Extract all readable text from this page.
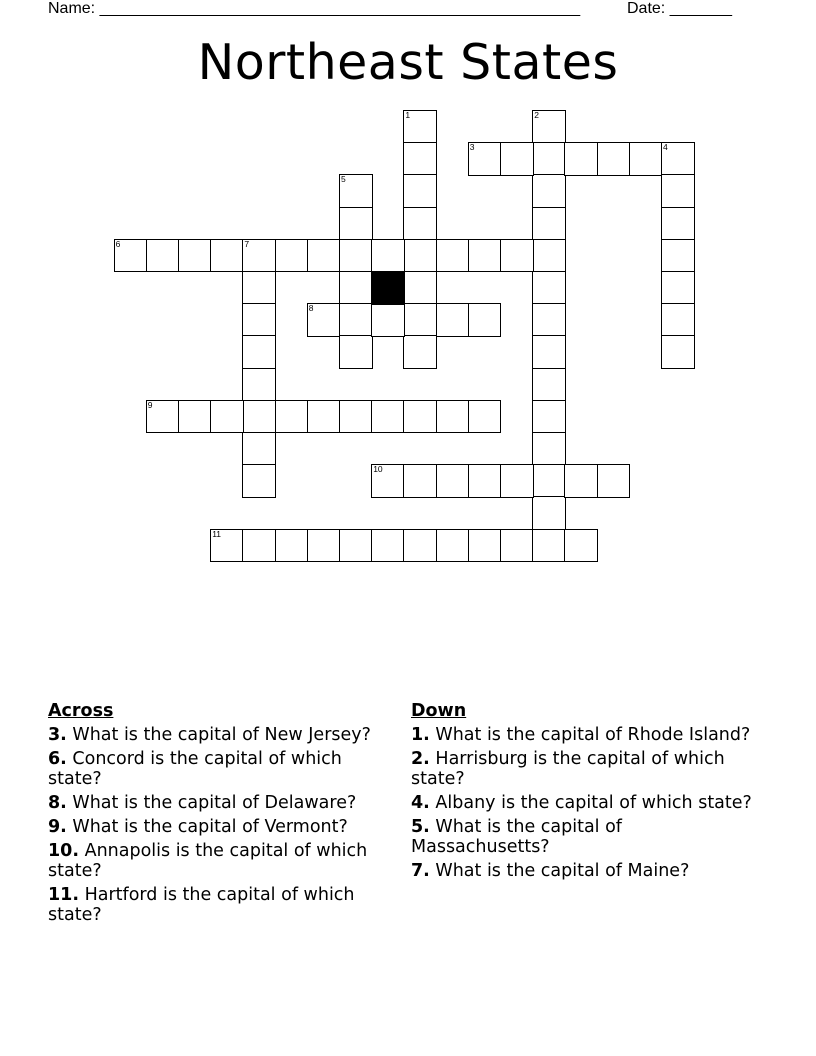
Name: ______________________________________________________	Date: _______
Northeast States
1	2
3	4
5
6	7
8
9
10
11
Across
3. What is the capital of New Jersey?
6. Concord is the capital of which state?
8. What is the capital of Delaware?
9. What is the capital of Vermont?
10. Annapolis is the capital of which state?
11. Hartford is the capital of which state?
Down
1. What is the capital of Rhode Island?
2. Harrisburg is the capital of which state?
4. Albany is the capital of which state?
5. What is the capital of Massachusetts?
7. What is the capital of Maine?
